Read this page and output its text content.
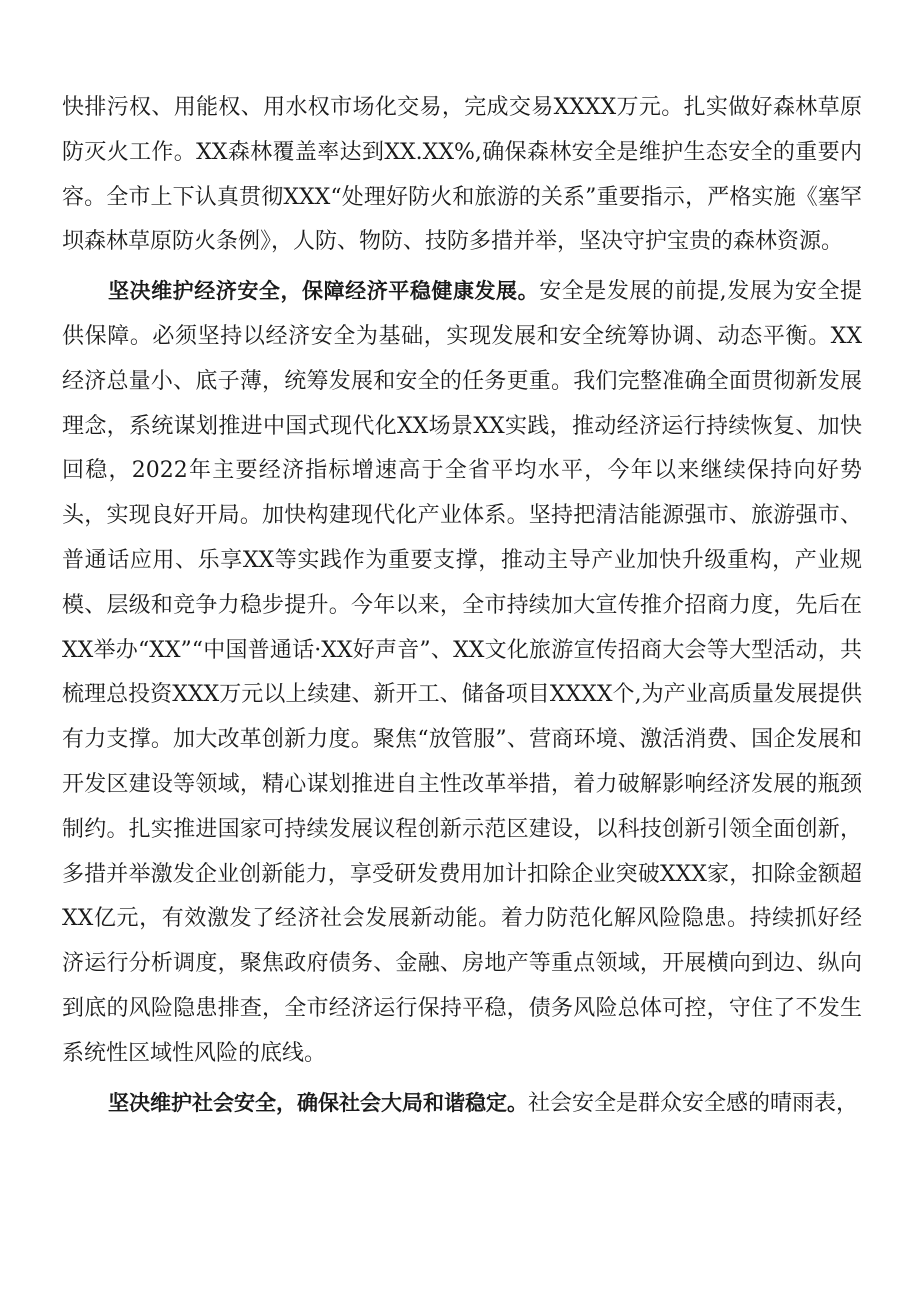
快排污权、用能权、用水权市场化交易，完成交易XXXX万元。扎实做好森林草原防灭火工作。XX森林覆盖率达到XX.XX%,确保森林安全是维护生态安全的重要内容。全市上下认真贯彻XXX“处理好防火和旅游的关系”重要指示，严格实施《塞罕坝森林草原防火条例》，人防、物防、技防多措并举，坚决守护宝贵的森林资源。

坚决维护经济安全，保障经济平稳健康发展。安全是发展的前提,发展为安全提供保障。必须坚持以经济安全为基础，实现发展和安全统筹协调、动态平衡。XX经济总量小、底子薄，统筹发展和安全的任务更重。我们完整准确全面贯彻新发展理念，系统谋划推进中国式现代化XX场景XX实践，推动经济运行持续恢复、加快回稳，2022年主要经济指标增速高于全省平均水平，今年以来继续保持向好势头，实现良好开局。加快构建现代化产业体系。坚持把清洁能源强市、旅游强市、普通话应用、乐享XX等实践作为重要支撑，推动主导产业加快升级重构，产业规模、层级和竞争力稳步提升。今年以来，全市持续加大宣传推介招商力度，先后在XX举办“XX”“中国普通话·XX好声音”、XX文化旅游宣传招商大会等大型活动，共梳理总投资XXX万元以上续建、新开工、储备项目XXXX个,为产业高质量发展提供有力支撑。加大改革创新力度。聚焦“放管服”、营商环境、激活消费、国企发展和开发区建设等领域，精心谋划推进自主性改革举措，着力破解影响经济发展的瓶颈制约。扎实推进国家可持续发展议程创新示范区建设，以科技创新引领全面创新，多措并举激发企业创新能力，享受研发费用加计扣除企业突破XXX家，扣除金额超XX亿元，有效激发了经济社会发展新动能。着力防范化解风险隐患。持续抓好经济运行分析调度，聚焦政府债务、金融、房地产等重点领域，开展横向到边、纵向到底的风险隐患排查，全市经济运行保持平稳，债务风险总体可控，守住了不发生系统性区域性风险的底线。

坚决维护社会安全，确保社会大局和谐稳定。社会安全是群众安全感的晴雨表，
